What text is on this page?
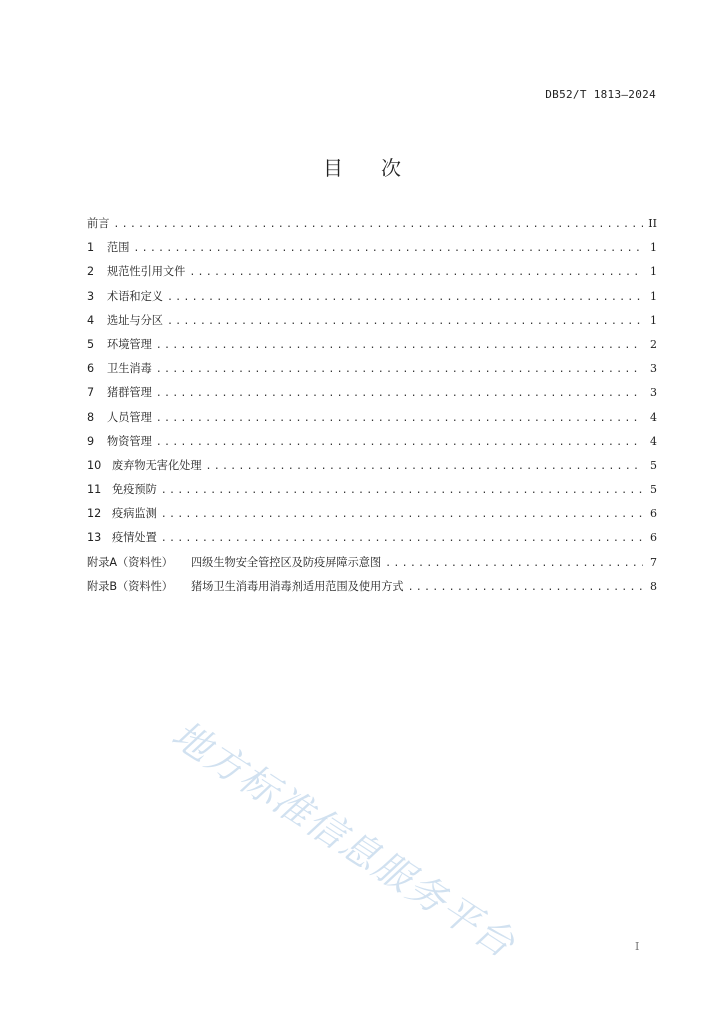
DB52/T 1813—2024
目 次
前言 .....	II
1	范围 .....	1
2	规范性引用文件 .....	1
3	术语和定义 .....	1
4	选址与分区 .....	1
5	环境管理 .....	2
6	卫生消毒 .....	3
7	猪群管理 .....	3
8	人员管理 .....	4
9	物资管理 .....	4
10 废弃物无害化处理 .....	5
11 免疫预防 .....	5
12 疫病监测 .....	6
13 疫情处置 .....	6
附录A（资料性） 四级生物安全管控区及防疫屏障示意图 .....	7
附录B（资料性） 猪场卫生消毒用消毒剂适用范围及使用方式 .....	8
地方标准信息服务平台	I
